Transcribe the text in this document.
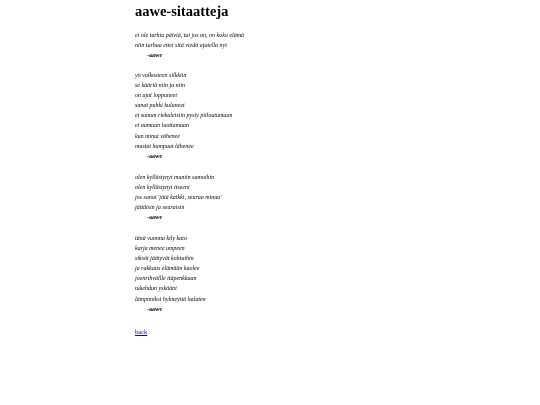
aawe-sitaatteja
ei ole turhia päiviä, tai jos on, on koko elämä
niin turhaa ettei sitä viedä ajatella nyt
-aawe
yö valkosteen silkkiin
se kääriä niin ja niin
on ajat loppuneet
sanat puhki kuluneet
ei sumun riekaleisiin pysty piiloutumaan
ei aamuun luottamaan
kun minut vähenee
mustat hampaat lähenee
-aawe
olen kyllästynyt muniin samoihin
olen kyllästynyt itseeni
jos sanot 'jätä kaikki, seuraa minua'
jättäisin ja seuraisin
-aawe
tänä vuonna kily kato
karja menee umpeen
siksöt jäätyvät kohtuihin
ja rakkaus elämään kuolee
joenrihvällle itäpenkkaan
tukehdun yskääni
lämpimiksi hylmeyttä halaten
-aawe
back
